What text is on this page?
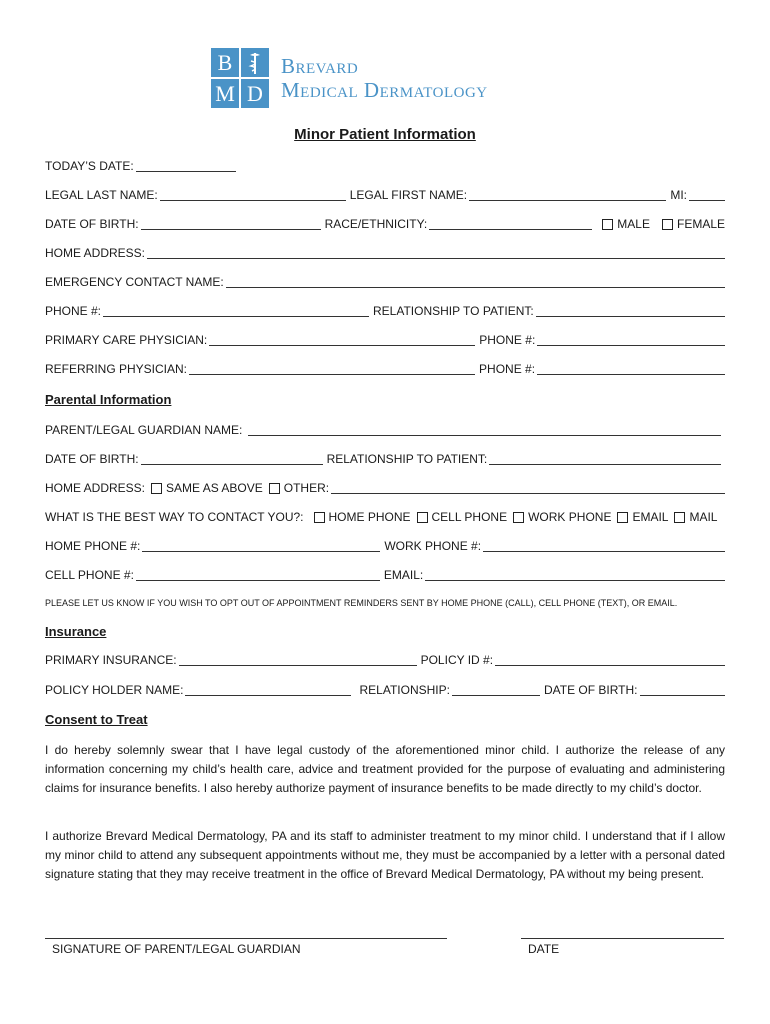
B
M D
Brevard
Medical Dermatology
Minor Patient Information
TODAY’S DATE:
LEGAL LAST NAME:	LEGAL FIRST NAME:	MI:
DATE OF BIRTH:	RACE/ETHNICITY:	MALE FEMALE
HOME ADDRESS:
EMERGENCY CONTACT NAME:
PHONE #:	RELATIONSHIP TO PATIENT:
PRIMARY CARE PHYSICIAN:	PHONE #:
REFERRING PHYSICIAN:	PHONE #:
Parental Information
PARENT/LEGAL GUARDIAN NAME:
DATE OF BIRTH:	RELATIONSHIP TO PATIENT:
HOME ADDRESS: SAME AS ABOVE OTHER:
WHAT IS THE BEST WAY TO CONTACT YOU?: HOME PHONE CELL PHONE WORK PHONE EMAIL MAIL
HOME PHONE #:	WORK PHONE #:
CELL PHONE #:	EMAIL:
PLEASE LET US KNOW IF YOU WISH TO OPT OUT OF APPOINTMENT REMINDERS SENT BY HOME PHONE (CALL), CELL PHONE (TEXT), OR EMAIL.
Insurance
PRIMARY INSURANCE:	POLICY ID #:
POLICY HOLDER NAME:	RELATIONSHIP:	DATE OF BIRTH:
Consent to Treat
I do hereby solemnly swear that I have legal custody of the aforementioned minor child. I authorize the release of any information concerning my child’s health care, advice and treatment provided for the purpose of evaluating and administering claims for insurance benefits. I also hereby authorize payment of insurance benefits to be made directly to my child’s doctor.
I authorize Brevard Medical Dermatology, PA and its staff to administer treatment to my minor child. I understand that if I allow my minor child to attend any subsequent appointments without me, they must be accompanied by a letter with a personal dated signature stating that they may receive treatment in the office of Brevard Medical Dermatology, PA without my being present.
SIGNATURE OF PARENT/LEGAL GUARDIAN	DATE
